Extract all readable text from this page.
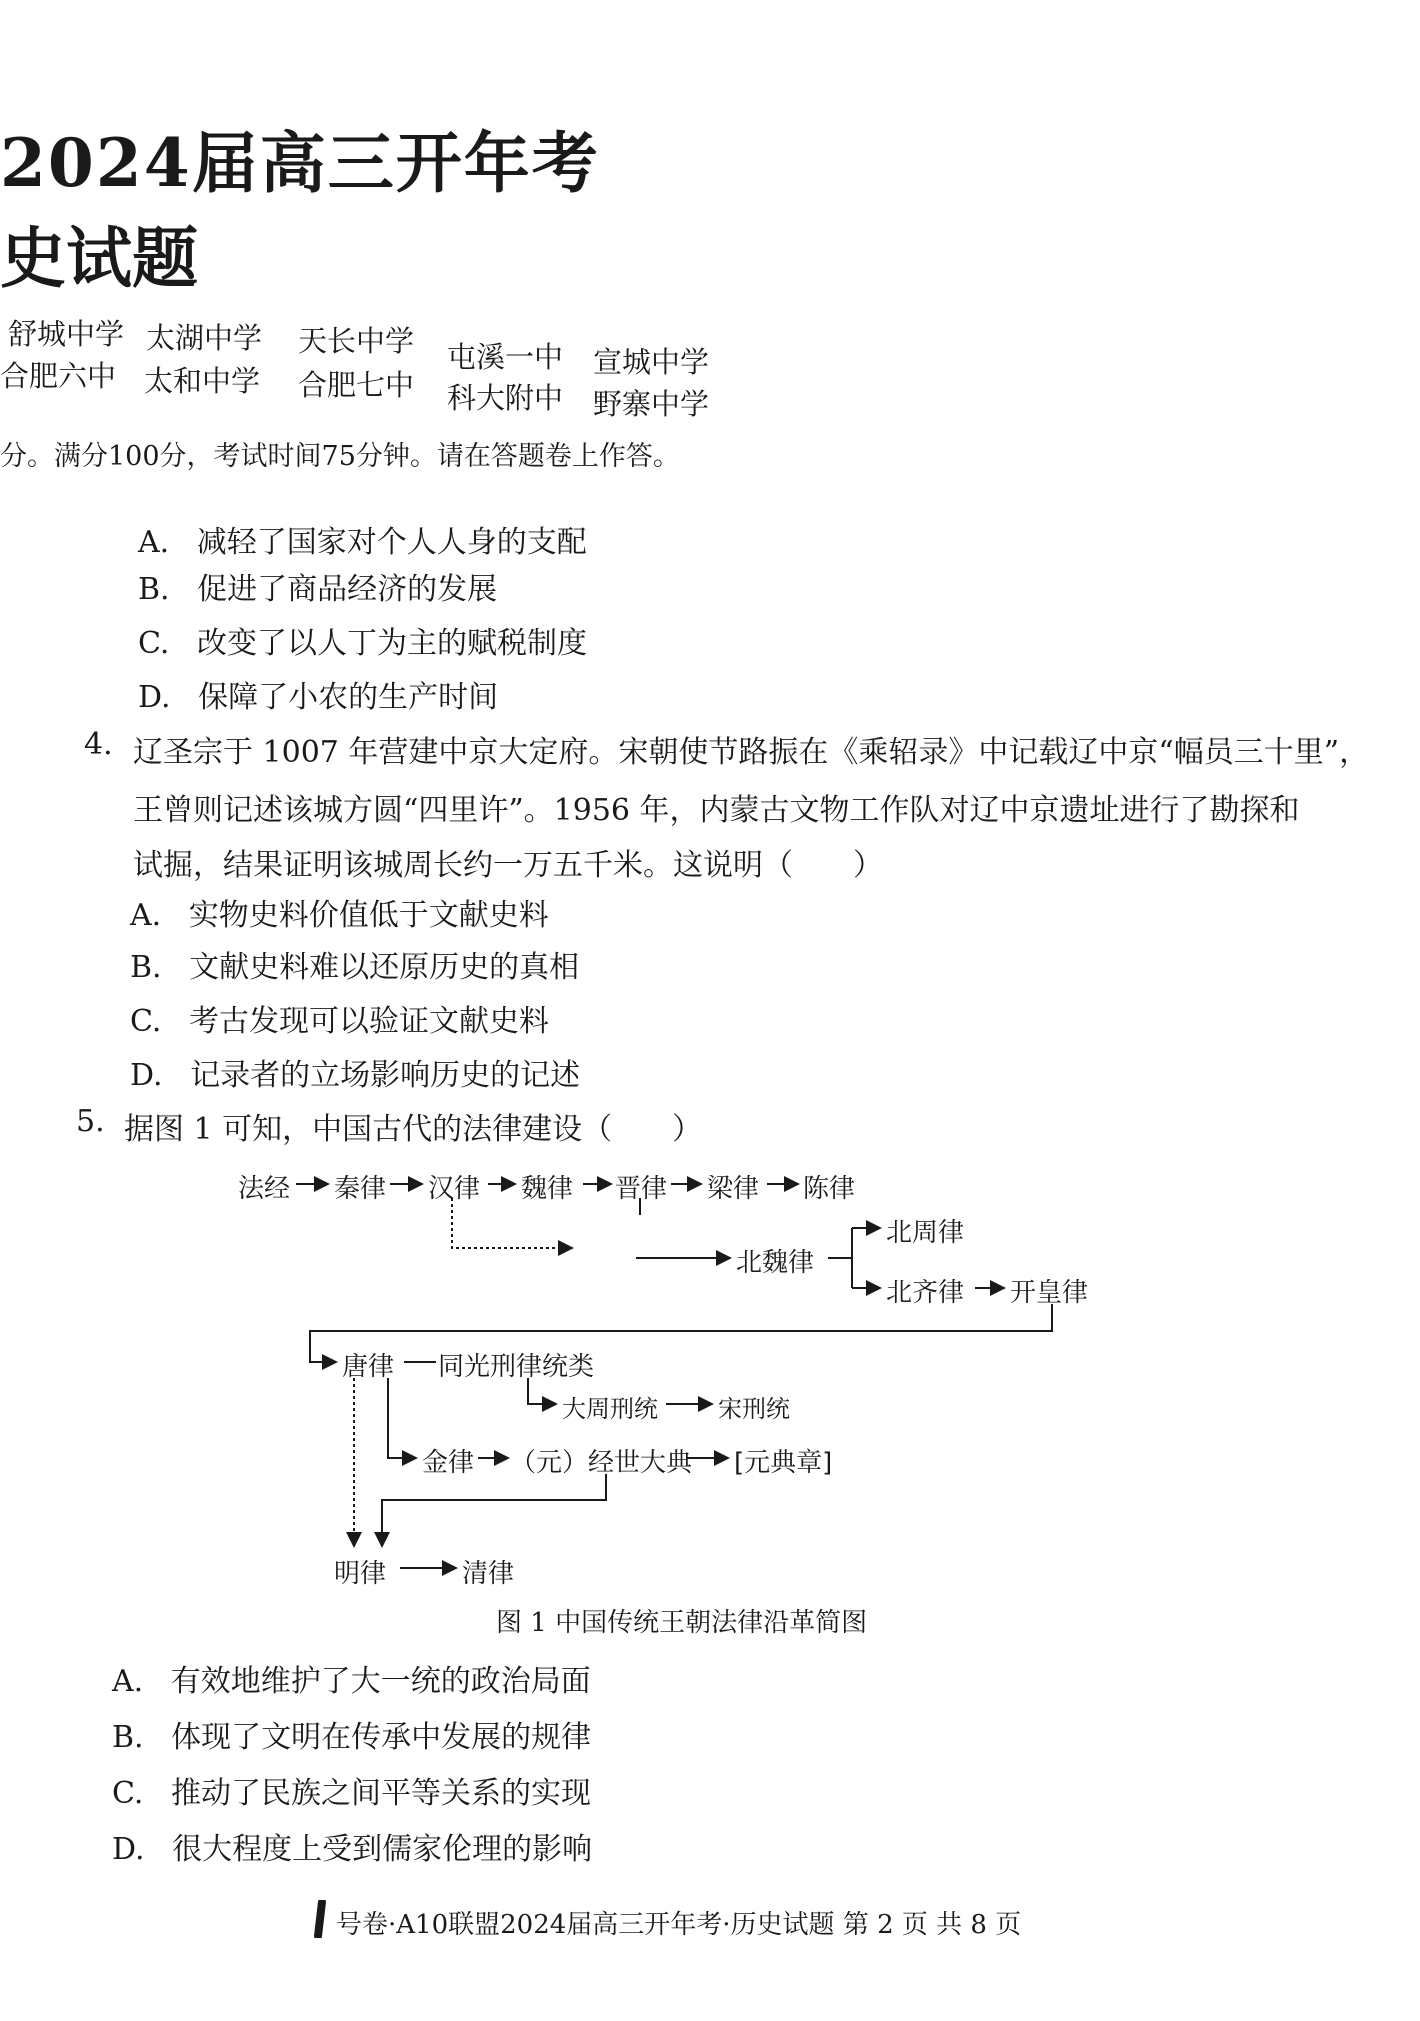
2024届高三开年考
史试题
舒城中学 太湖中学 天长中学 屯溪一中 宣城中学
合肥六中 太和中学 合肥七中 科大附中 野寨中学
分。满分100分，考试时间75分钟。请在答题卷上作答。
A. 减轻了国家对个人人身的支配
B. 促进了商品经济的发展
C. 改变了以人丁为主的赋税制度
D. 保障了小农的生产时间
4. 辽圣宗于 1007 年营建中京大定府。宋朝使节路振在《乘轺录》中记载辽中京“幅员三十里”，
王曾则记述该城方圆“四里许”。1956 年，内蒙古文物工作队对辽中京遗址进行了勘探和
试掘，结果证明该城周长约一万五千米。这说明（　　）
A. 实物史料价值低于文献史料
B. 文献史料难以还原历史的真相
C. 考古发现可以验证文献史料
D. 记录者的立场影响历史的记述
5. 据图 1 可知，中国古代的法律建设（　　）
法经 秦律 汉律 魏律 晋律 梁律 陈律
北魏律
北周律
北齐律 开皇律
唐律 同光刑律统类
大周刑统	宋刑统
金律 （元）经世大典 [元典章]
明律	清律
图 1 中国传统王朝法律沿革简图
A. 有效地维护了大一统的政治局面
B. 体现了文明在传承中发展的规律
C. 推动了民族之间平等关系的实现
D. 很大程度上受到儒家伦理的影响
号卷·A10联盟2024届高三开年考·历史试题 第 2 页 共 8 页
